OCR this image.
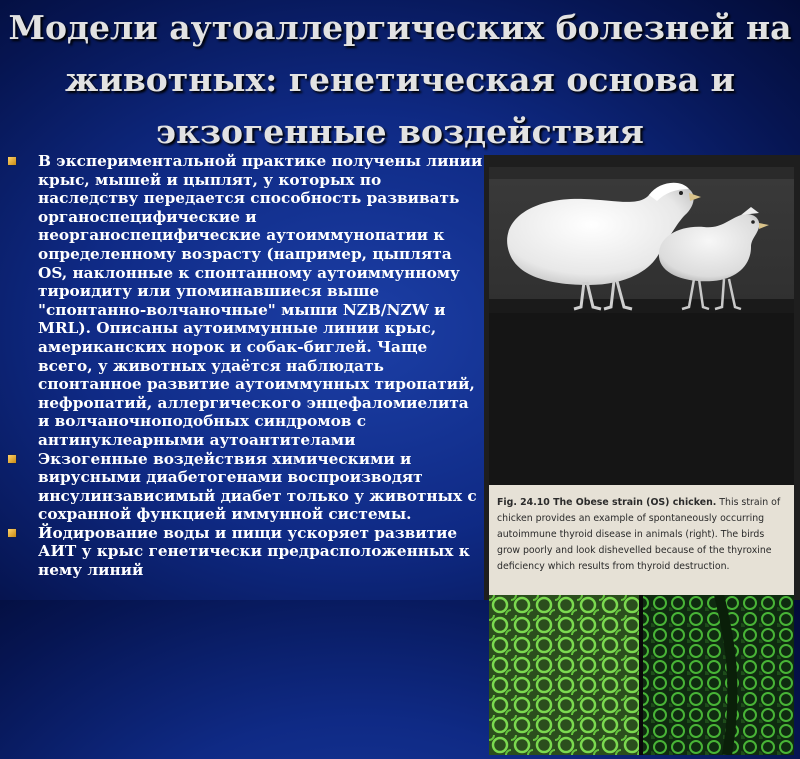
Модели аутоаллергических болезней на животных: генетическая основа и экзогенные воздействия

В экспериментальной практике получены линии крыс, мышей и цыплят, у которых по наследству передается способность развивать органоспецифические и неорганоспецифические аутоиммунопатии к определенному возрасту (например, цыплята OS, наклонные к спонтанному аутоиммунному тироидиту или упоминавшиеся выше "спонтанно-волчаночные" мыши NZB/NZW и MRL). Описаны аутоиммунные линии крыс, американских норок и собак-биглей. Чаще всего, у животных удаётся наблюдать спонтанное развитие аутоиммунных тиропатий, нефропатий, аллергического энцефаломиелита и волчаночноподобных синдромов с антинуклеарными аутоантителами

Экзогенные воздействия химическими и вирусными диабетогенами воспроизводят инсулинзависимый диабет только у животных с сохранной функцией иммунной системы.

Йодирование воды и пищи ускоряет развитие АИТ у крыс генетически предрасположенных к нему линий

Fig. 24.10 The Obese strain (OS) chicken. This strain of chicken provides an example of spontaneously occurring autoimmune thyroid disease in animals (right). The birds grow poorly and look dishevelled because of the thyroxine deficiency which results from thyroid destruction.
